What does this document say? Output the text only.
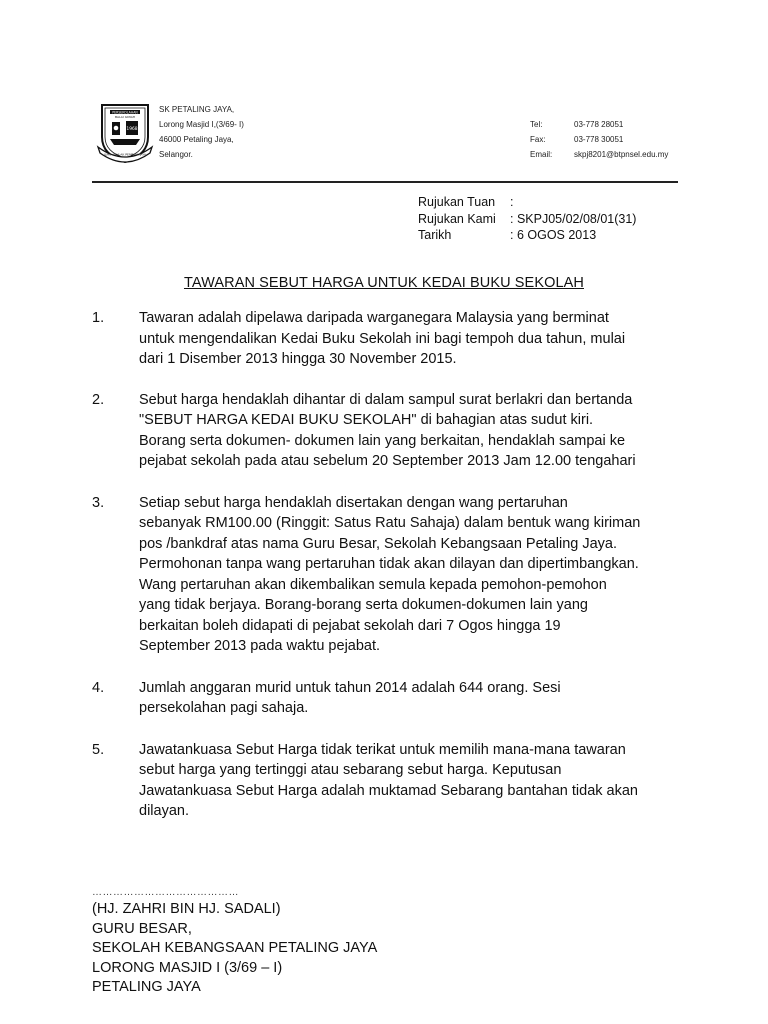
PERSEKOLAHAN
BALAI ILMIAH
1968
ILMU AKHLAK PEMBINA JAYA
SK PETALING JAYA,
Lorong Masjid I,(3/69- I)
46000 Petaling Jaya,
Selangor.
Tel:	03-778 28051
Fax:	03-778 30051
Email:	skpj8201@btpnsel.edu.my
Rujukan Tuan	:
Rujukan Kami	: SKPJ05/02/08/01(31)
Tarikh	: 6 OGOS 2013
TAWARAN SEBUT HARGA UNTUK KEDAI BUKU SEKOLAH
1.	Tawaran adalah dipelawa daripada warganegara Malaysia yang berminat

untuk mengendalikan Kedai Buku Sekolah ini bagi tempoh dua tahun, mulai

dari 1 Disember 2013 hingga 30 November 2015.

2.	Sebut harga hendaklah dihantar di dalam sampul surat berlakri dan bertanda

"SEBUT HARGA KEDAI BUKU SEKOLAH" di bahagian atas sudut kiri.

Borang serta dokumen- dokumen lain yang berkaitan, hendaklah sampai ke

pejabat sekolah pada atau sebelum 20 September 2013 Jam 12.00 tengahari

3.	Setiap sebut harga hendaklah disertakan dengan wang pertaruhan

sebanyak RM100.00 (Ringgit: Satus Ratu Sahaja) dalam bentuk wang kiriman

pos /bankdraf atas nama Guru Besar, Sekolah Kebangsaan Petaling Jaya.

Permohonan tanpa wang pertaruhan tidak akan dilayan dan dipertimbangkan.

Wang pertaruhan akan dikembalikan semula kepada pemohon-pemohon

yang tidak berjaya. Borang-borang serta dokumen-dokumen lain yang

berkaitan boleh didapati di pejabat sekolah dari 7 Ogos hingga 19

September 2013 pada waktu pejabat.

4.	Jumlah anggaran murid untuk tahun 2014 adalah 644 orang. Sesi

persekolahan pagi sahaja.

5.	Jawatankuasa Sebut Harga tidak terikat untuk memilih mana-mana tawaran

sebut harga yang tertinggi atau sebarang sebut harga. Keputusan

Jawatankuasa Sebut Harga adalah muktamad Sebarang bantahan tidak akan

dilayan.

……………………………………
(HJ. ZAHRI BIN HJ. SADALI)
GURU BESAR,
SEKOLAH KEBANGSAAN PETALING JAYA
LORONG MASJID I (3/69 – I)
PETALING JAYA
